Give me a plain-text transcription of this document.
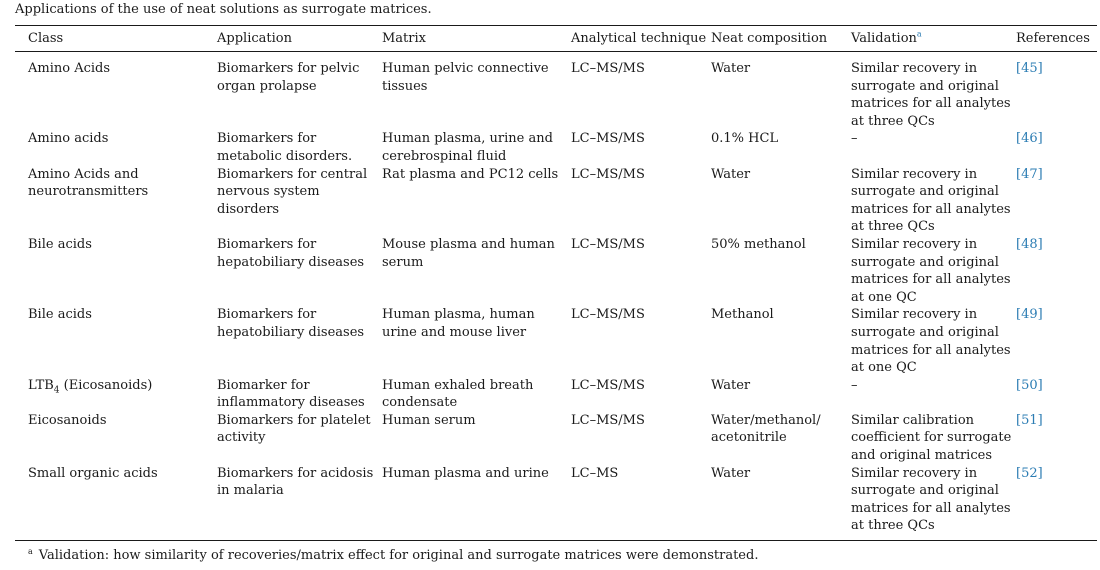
Applications of the use of neat solutions as surrogate matrices.
Class	Application	Matrix	Analytical technique	Neat composition	Validation$^a$	References
Amino Acids	Biomarkers for pelvic organ prolapse	Human pelvic connective tissues	LC–MS/MS	Water	Similar recovery in surrogate and original matrices for all analytes at three QCs	[45]
Amino acids	Biomarkers for metabolic disorders.	Human plasma, urine and cerebrospinal fluid	LC–MS/MS	0.1% HCL	–	[46]
Amino Acids and neurotransmitters	Biomarkers for central nervous system disorders	Rat plasma and PC12 cells	LC–MS/MS	Water	Similar recovery in surrogate and original matrices for all analytes at three QCs	[47]
Bile acids	Biomarkers for hepatobiliary diseases	Mouse plasma and human serum	LC–MS/MS	50% methanol	Similar recovery in surrogate and original matrices for all analytes at one QC	[48]
Bile acids	Biomarkers for hepatobiliary diseases	Human plasma, human urine and mouse liver	LC–MS/MS	Methanol	Similar recovery in surrogate and original matrices for all analytes at one QC	[49]
$LTB_4$ (Eicosanoids)	Biomarker for inflammatory diseases	Human exhaled breath condensate	LC–MS/MS	Water	–	[50]
Eicosanoids	Biomarkers for platelet activity	Human serum	LC–MS/MS	Water/methanol/ acetonitrile	Similar calibration coefficient for surrogate and original matrices	[51]
Small organic acids	Biomarkers for acidosis in malaria	Human plasma and urine	LC–MS	Water	Similar recovery in surrogate and original matrices for all analytes at three QCs	[52]
$^a$ Validation: how similarity of recoveries/matrix effect for original and surrogate matrices were demonstrated.
